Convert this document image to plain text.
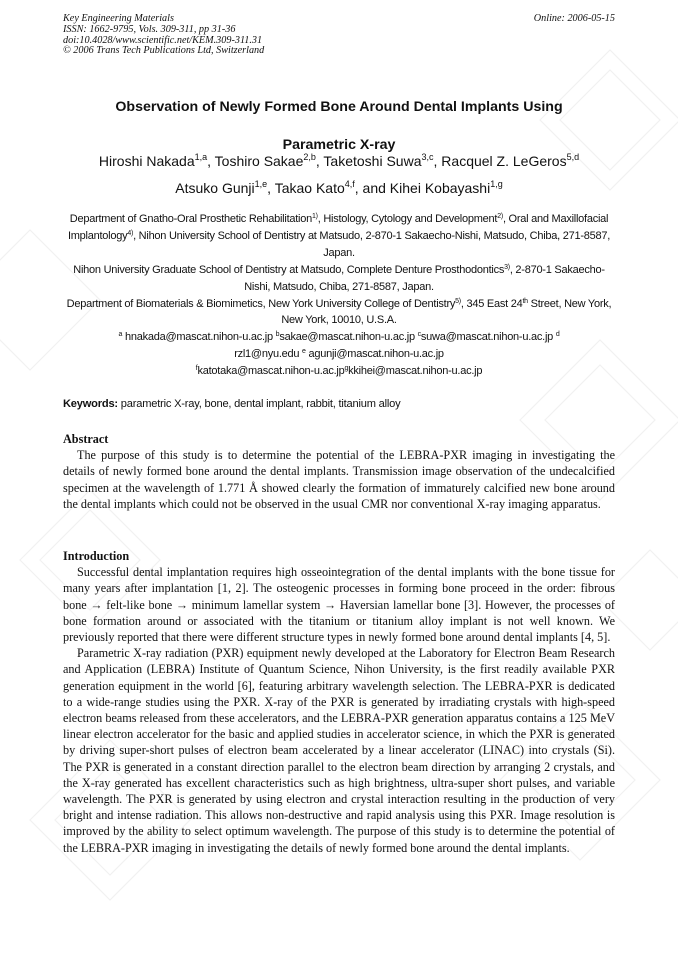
Key Engineering Materials
ISSN: 1662-9795, Vols. 309-311, pp 31-36
doi:10.4028/www.scientific.net/KEM.309-311.31
© 2006 Trans Tech Publications Ltd, Switzerland
Online: 2006-05-15
Observation of Newly Formed Bone Around Dental Implants Using
Parametric X-ray
Hiroshi Nakada$^{1,a}$, Toshiro Sakae$^{2,b}$, Taketoshi Suwa$^{3,c}$, Racquel Z. LeGeros$^{5,d}$
Atsuko Gunji$^{1,e}$, Takao Kato$^{4,f}$, and Kihei Kobayashi$^{1,g}$
Department of Gnatho-Oral Prosthetic Rehabilitation$^{1)}$, Histology, Cytology and Development$^{2)}$, Oral and Maxillofacial Implantology$^{4)}$, Nihon University School of Dentistry at Matsudo, 2-870-1 Sakaecho-Nishi, Matsudo, Chiba, 271-8587, Japan.
Nihon University Graduate School of Dentistry at Matsudo, Complete Denture Prosthodontics$^{3)}$, 2-870-1 Sakaecho-Nishi, Matsudo, Chiba, 271-8587, Japan.
Department of Biomaterials & Biomimetics, New York University College of Dentistry$^{5)}$, 345 East 24th Street, New York, New York, 10010, U.S.A.
$^a$ hnakada@mascat.nihon-u.ac.jp $^b$sakae@mascat.nihon-u.ac.jp $^c$suwa@mascat.nihon-u.ac.jp $^d$
rzl1@nyu.edu $^e$ agunji@mascat.nihon-u.ac.jp
$^fkatotaka@mascat.nihon-u.ac.jp^gkkihei@mascat.nihon-u.ac.jp$
Keywords: parametric X-ray, bone, dental implant, rabbit, titanium alloy
Abstract

The purpose of this study is to determine the potential of the LEBRA-PXR imaging in investigating the details of newly formed bone around the dental implants. Transmission image observation of the undecalcified specimen at the wavelength of 1.771 Å showed clearly the formation of immaturely calcified new bone around the dental implants which could not be observed in the usual CMR nor conventional X-ray imaging apparatus.

Introduction

Successful dental implantation requires high osseointegration of the dental implants with the bone tissue for many years after implantation [1, 2]. The osteogenic processes in forming bone proceed in the order: fibrous bone → felt-like bone → minimum lamellar system → Haversian lamellar bone [3]. However, the processes of bone formation around or associated with the titanium or titanium alloy implant is not well known. We previously reported that there were different structure types in newly formed bone around dental implants [4, 5].

Parametric X-ray radiation (PXR) equipment newly developed at the Laboratory for Electron Beam Research and Application (LEBRA) Institute of Quantum Science, Nihon University, is the first readily available PXR generation equipment in the world [6], featuring arbitrary wavelength selection. The LEBRA-PXR is dedicated to a wide-range studies using the PXR. X-ray of the PXR is generated by irradiating crystals with high-speed electron beams released from these accelerators, and the LEBRA-PXR generation apparatus contains a 125 MeV linear electron accelerator for the basic and applied studies in accelerator science, in which the PXR is generated by driving super-short pulses of electron beam accelerated by a linear accelerator (LINAC) into crystals (Si). The PXR is generated in a constant direction parallel to the electron beam direction by arranging 2 crystals, and the X-ray generated has excellent characteristics such as high brightness, ultra-super short pulses, and variable wavelength. The PXR is generated by using electron and crystal interaction resulting in the production of very bright and intense radiation. This allows non-destructive and rapid analysis using this PXR. Image resolution is improved by the ability to select optimum wavelength. The purpose of this study is to determine the potential of the LEBRA-PXR imaging in investigating the details of newly formed bone around the dental implants.
